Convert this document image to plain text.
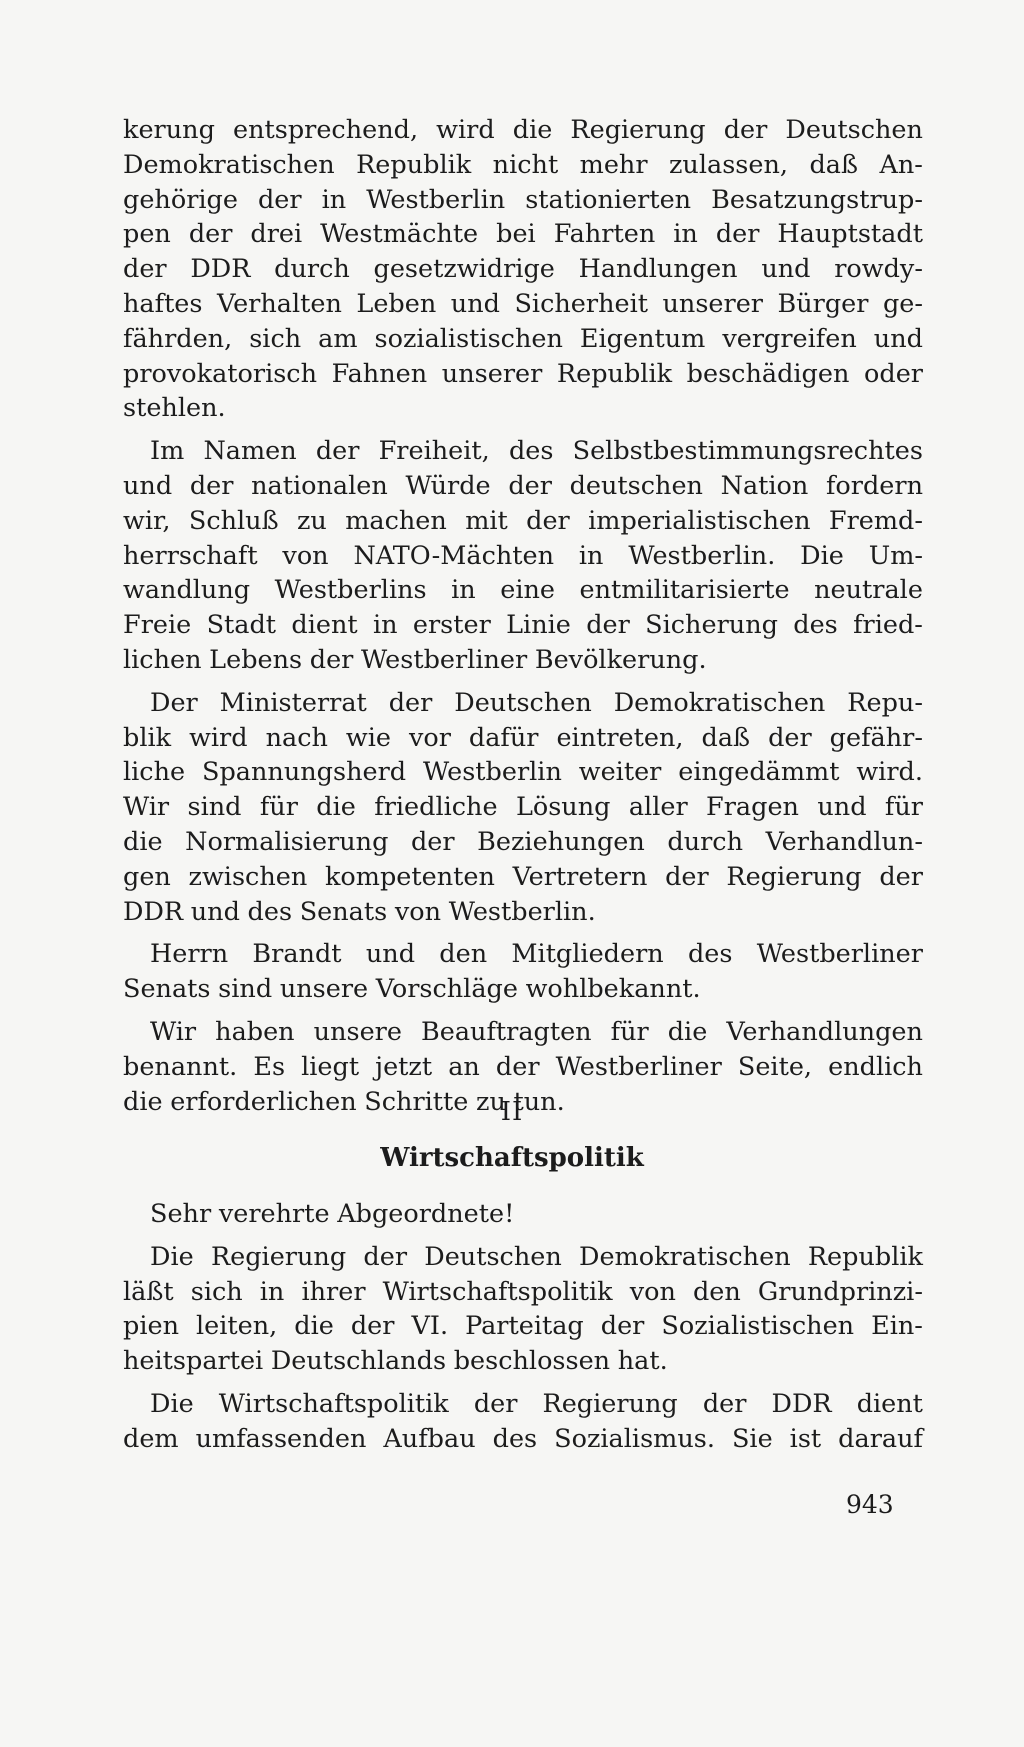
kerung entsprechend, wird die Regierung der Deutschen
Demokratischen Republik nicht mehr zulassen, daß An-
gehörige der in Westberlin stationierten Besatzungstrup-
pen der drei Westmächte bei Fahrten in der Hauptstadt
der DDR durch gesetzwidrige Handlungen und rowdy-
haftes Verhalten Leben und Sicherheit unserer Bürger ge-
fährden, sich am sozialistischen Eigentum vergreifen und
provokatorisch Fahnen unserer Republik beschädigen oder
stehlen.
Im Namen der Freiheit, des Selbstbestimmungsrechtes
und der nationalen Würde der deutschen Nation fordern
wir, Schluß zu machen mit der imperialistischen Fremd-
herrschaft von NATO-Mächten in Westberlin. Die Um-
wandlung Westberlins in eine entmilitarisierte neutrale
Freie Stadt dient in erster Linie der Sicherung des fried-
lichen Lebens der Westberliner Bevölkerung.
Der Ministerrat der Deutschen Demokratischen Repu-
blik wird nach wie vor dafür eintreten, daß der gefähr-
liche Spannungsherd Westberlin weiter eingedämmt wird.
Wir sind für die friedliche Lösung aller Fragen und für
die Normalisierung der Beziehungen durch Verhandlun-
gen zwischen kompetenten Vertretern der Regierung der
DDR und des Senats von Westberlin.
Herrn Brandt und den Mitgliedern des Westberliner
Senats sind unsere Vorschläge wohlbekannt.
Wir haben unsere Beauftragten für die Verhandlungen
benannt. Es liegt jetzt an der Westberliner Seite, endlich
die erforderlichen Schritte zu tun.
II
Wirtschaftspolitik
Sehr verehrte Abgeordnete!
Die Regierung der Deutschen Demokratischen Republik
läßt sich in ihrer Wirtschaftspolitik von den Grundprinzi-
pien leiten, die der VI. Parteitag der Sozialistischen Ein-
heitspartei Deutschlands beschlossen hat.
Die Wirtschaftspolitik der Regierung der DDR dient
dem umfassenden Aufbau des Sozialismus. Sie ist darauf
943
